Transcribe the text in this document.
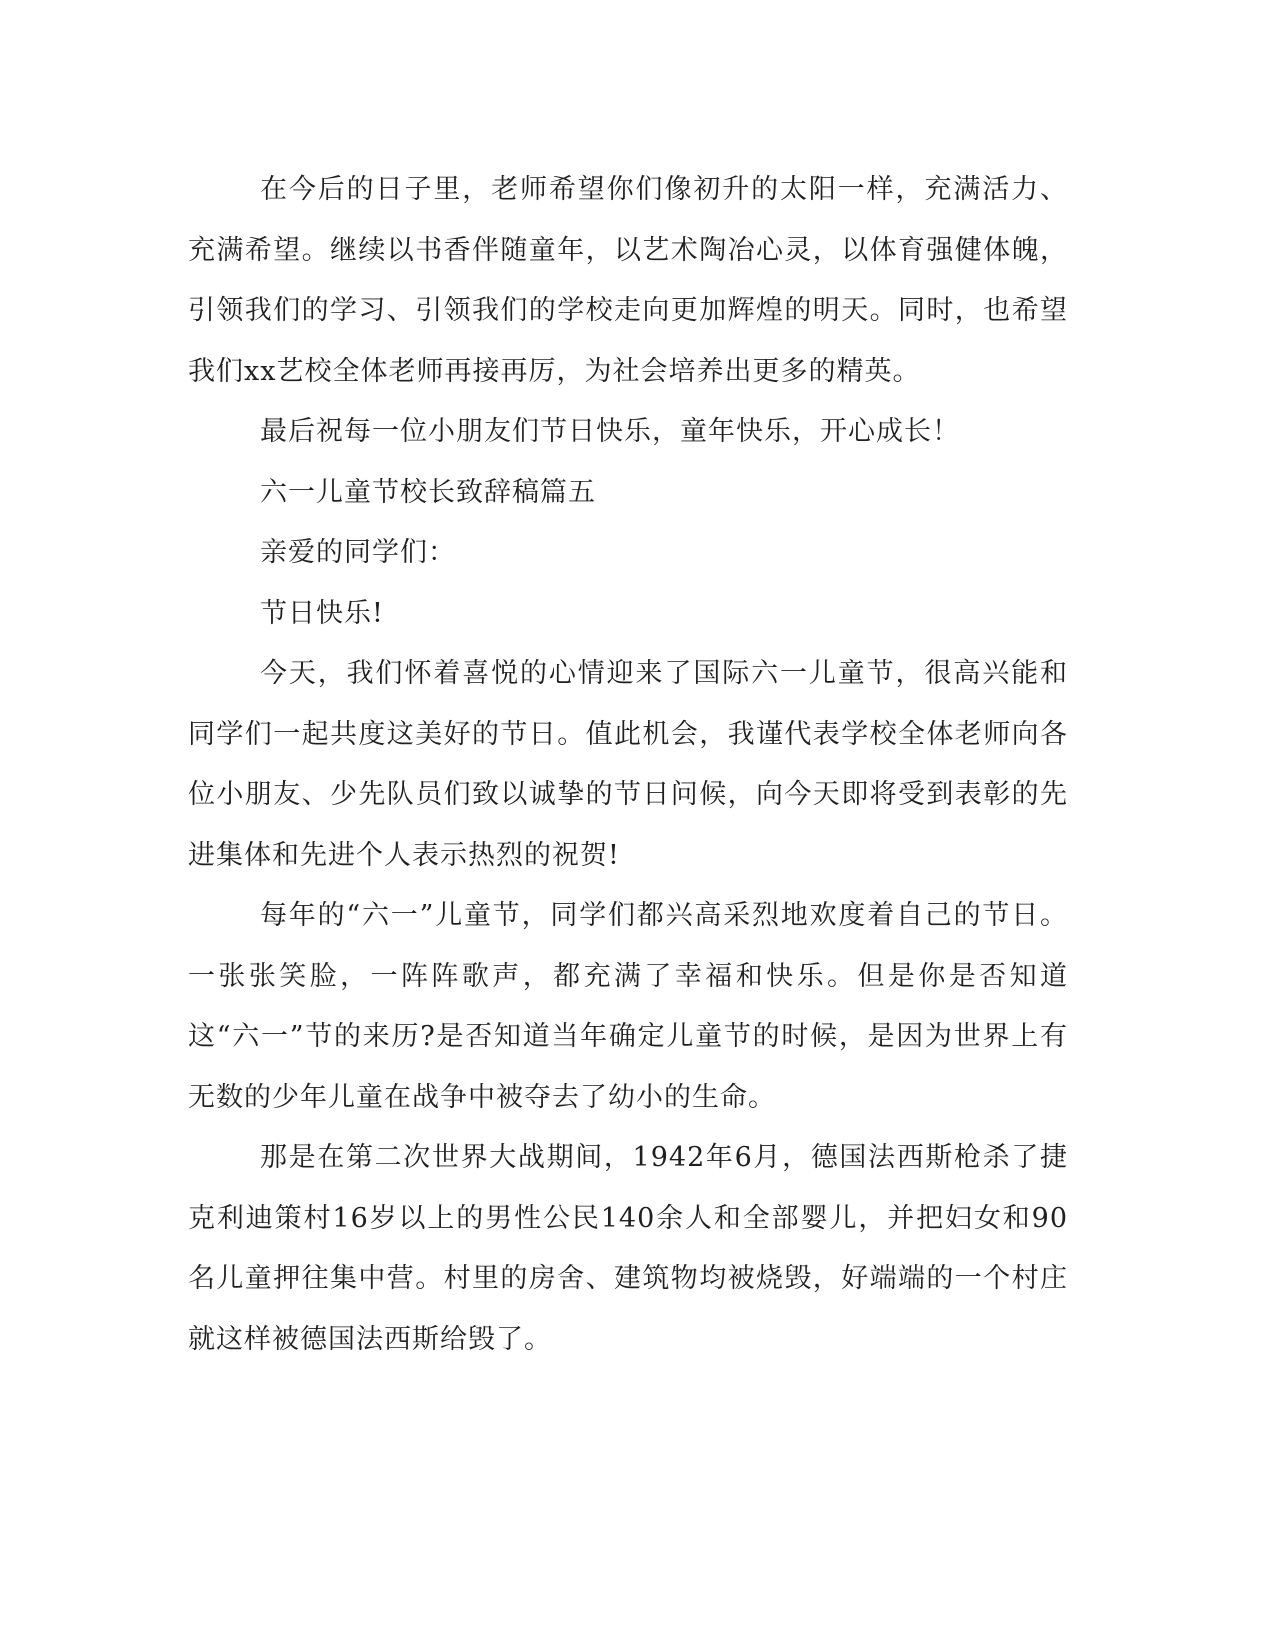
在今后的日子里，老师希望你们像初升的太阳一样，充满活力、充满希望。继续以书香伴随童年，以艺术陶冶心灵，以体育强健体魄，引领我们的学习、引领我们的学校走向更加辉煌的明天。同时，也希望我们xx艺校全体老师再接再厉，为社会培养出更多的精英。

最后祝每一位小朋友们节日快乐，童年快乐，开心成长！

六一儿童节校长致辞稿篇五

亲爱的同学们：

节日快乐!

今天，我们怀着喜悦的心情迎来了国际六一儿童节，很高兴能和同学们一起共度这美好的节日。值此机会，我谨代表学校全体老师向各位小朋友、少先队员们致以诚挚的节日问候，向今天即将受到表彰的先进集体和先进个人表示热烈的祝贺!

每年的“六一”儿童节，同学们都兴高采烈地欢度着自己的节日。一张张笑脸，一阵阵歌声，都充满了幸福和快乐。但是你是否知道这“六一”节的来历?是否知道当年确定儿童节的时候，是因为世界上有无数的少年儿童在战争中被夺去了幼小的生命。

那是在第二次世界大战期间，1942年6月，德国法西斯枪杀了捷克利迪策村16岁以上的男性公民140余人和全部婴儿，并把妇女和90名儿童押往集中营。村里的房舍、建筑物均被烧毁，好端端的一个村庄就这样被德国法西斯给毁了。
